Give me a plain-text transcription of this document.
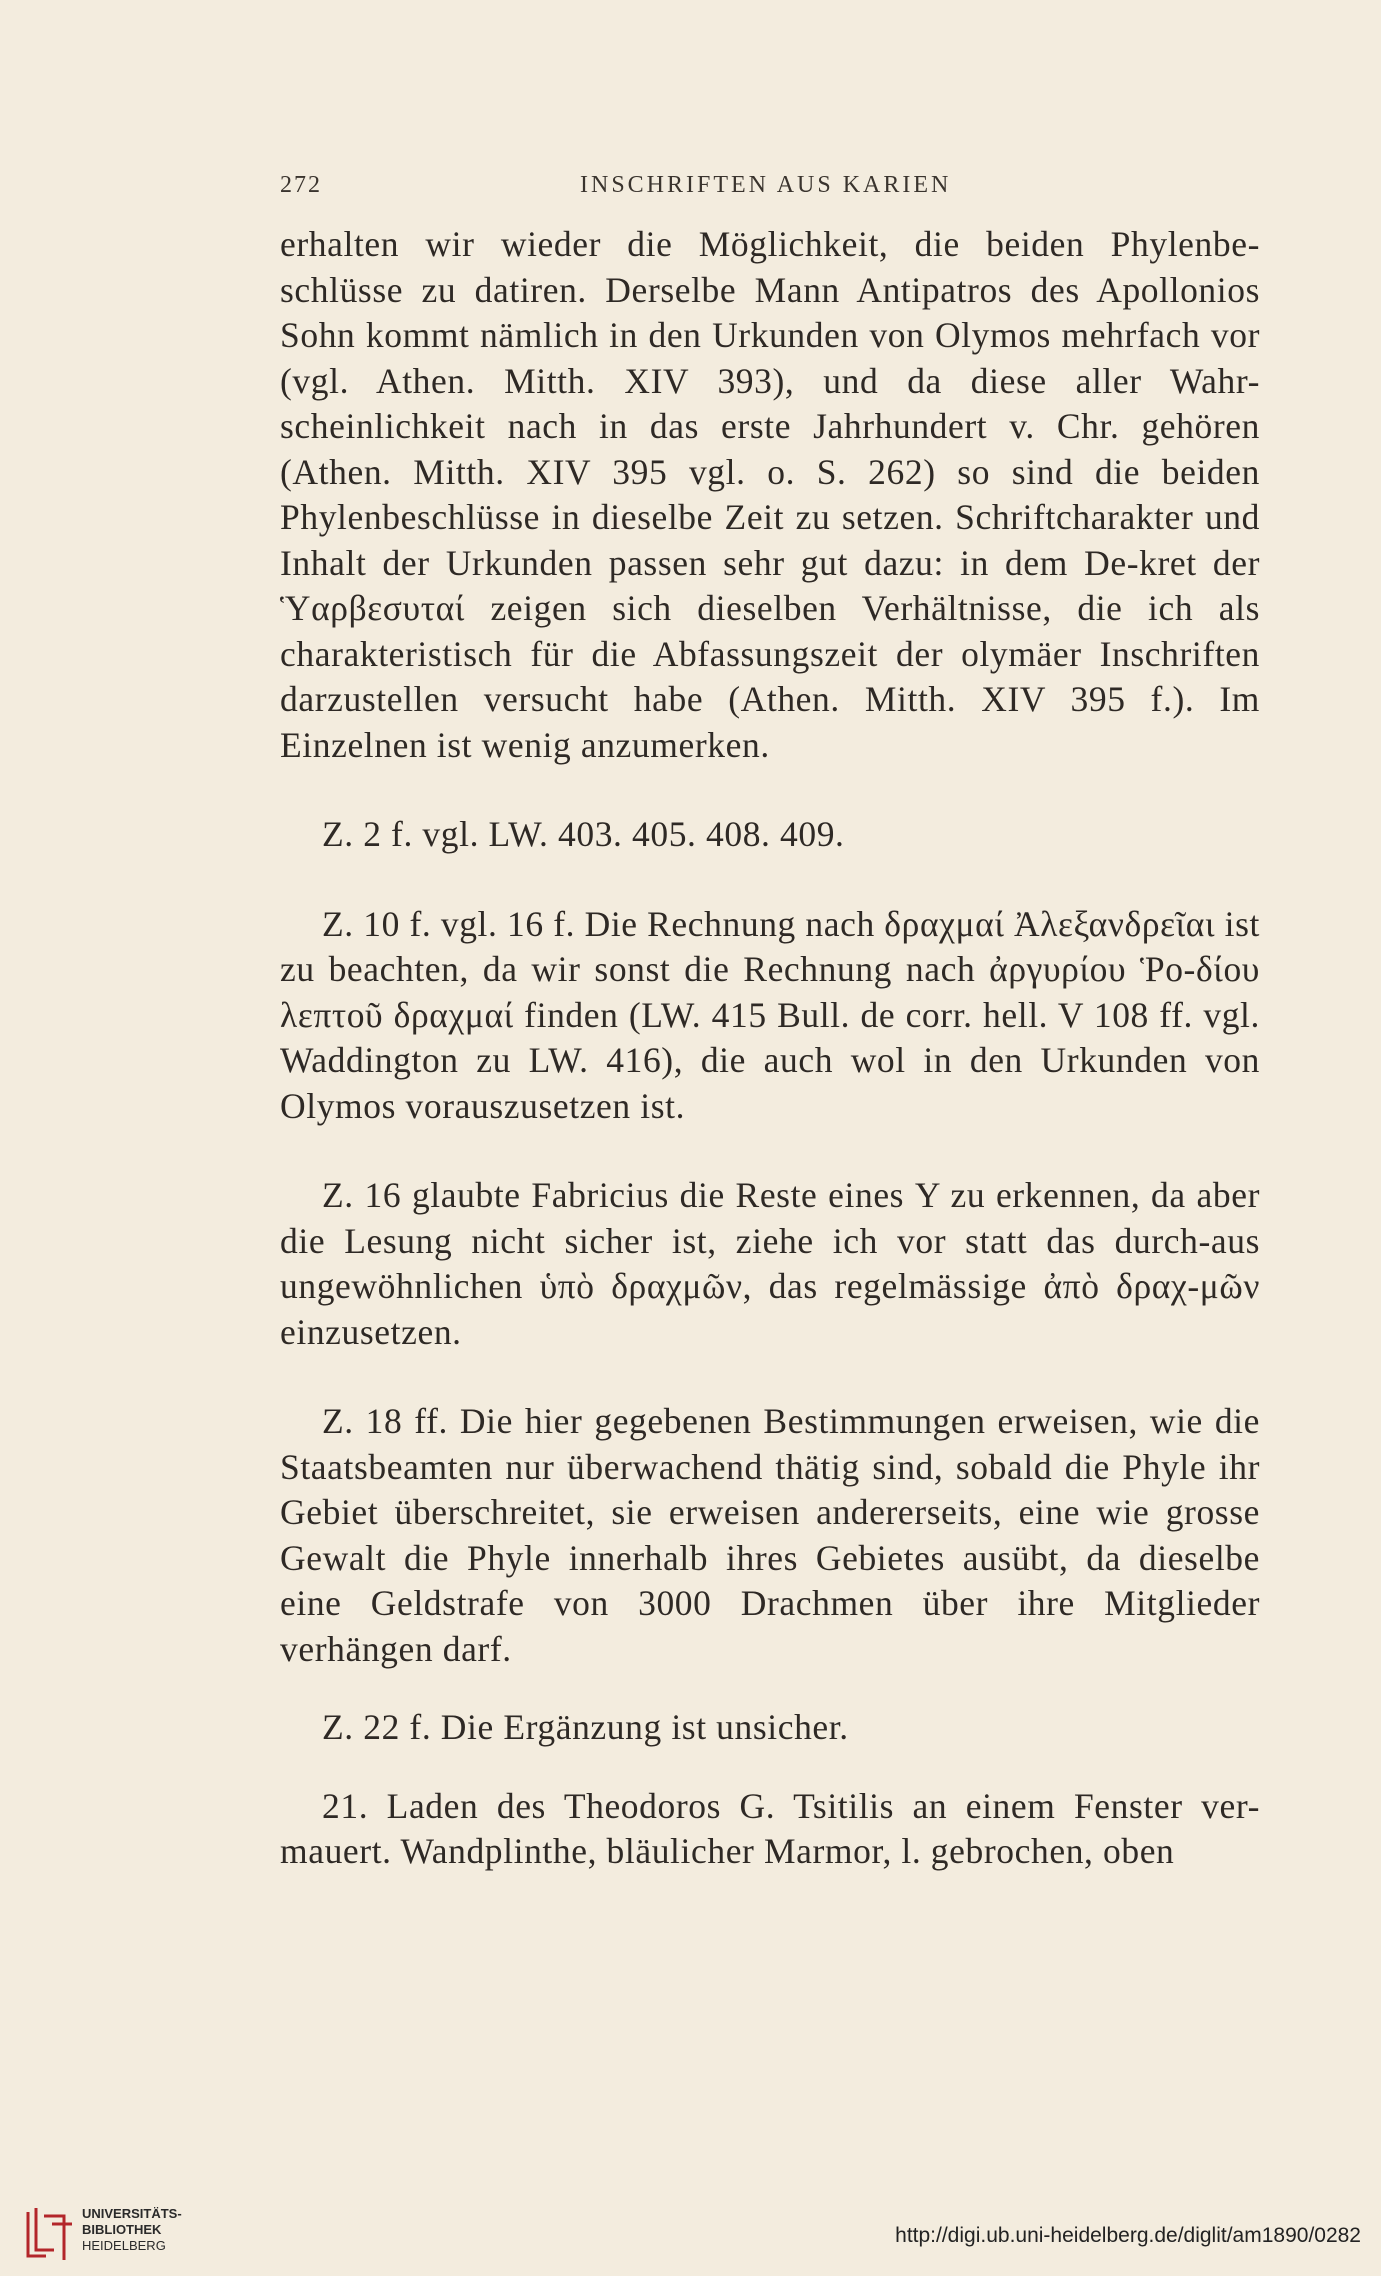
272	INSCHRIFTEN AUS KARIEN

erhalten wir wieder die Möglichkeit, die beiden Phylenbe-schlüsse zu datiren. Derselbe Mann Antipatros des Apollonios Sohn kommt nämlich in den Urkunden von Olymos mehrfach vor (vgl. Athen. Mitth. XIV 393), und da diese aller Wahr-scheinlichkeit nach in das erste Jahrhundert v. Chr. gehören (Athen. Mitth. XIV 395 vgl. o. S. 262) so sind die beiden Phylenbeschlüsse in dieselbe Zeit zu setzen. Schriftcharakter und Inhalt der Urkunden passen sehr gut dazu: in dem De-kret der Ὑαρβεσυταί zeigen sich dieselben Verhältnisse, die ich als charakteristisch für die Abfassungszeit der olymäer Inschriften darzustellen versucht habe (Athen. Mitth. XIV 395 f.). Im Einzelnen ist wenig anzumerken.

Z. 2 f. vgl. LW. 403. 405. 408. 409.

Z. 10 f. vgl. 16 f. Die Rechnung nach δραχμαί Ἀλεξανδρεῖαι ist zu beachten, da wir sonst die Rechnung nach ἀργυρίου Ῥο-δίου λεπτοῦ δραχμαί finden (LW. 415 Bull. de corr. hell. V 108 ff. vgl. Waddington zu LW. 416), die auch wol in den Urkunden von Olymos vorauszusetzen ist.

Z. 16 glaubte Fabricius die Reste eines Υ zu erkennen, da aber die Lesung nicht sicher ist, ziehe ich vor statt das durch-aus ungewöhnlichen ὑπὸ δραχμῶν, das regelmässige ἀπὸ δραχ-μῶν einzusetzen.

Z. 18 ff. Die hier gegebenen Bestimmungen erweisen, wie die Staatsbeamten nur überwachend thätig sind, sobald die Phyle ihr Gebiet überschreitet, sie erweisen andererseits, eine wie grosse Gewalt die Phyle innerhalb ihres Gebietes ausübt, da dieselbe eine Geldstrafe von 3000 Drachmen über ihre Mitglieder verhängen darf.

Z. 22 f. Die Ergänzung ist unsicher.

21. Laden des Theodoros G. Tsitilis an einem Fenster ver-mauert. Wandplinthe, bläulicher Marmor, l. gebrochen, oben

UNIVERSITÄTS-
BIBLIOTHEK
HEIDELBERG	http://digi.ub.uni-heidelberg.de/diglit/am1890/0282
